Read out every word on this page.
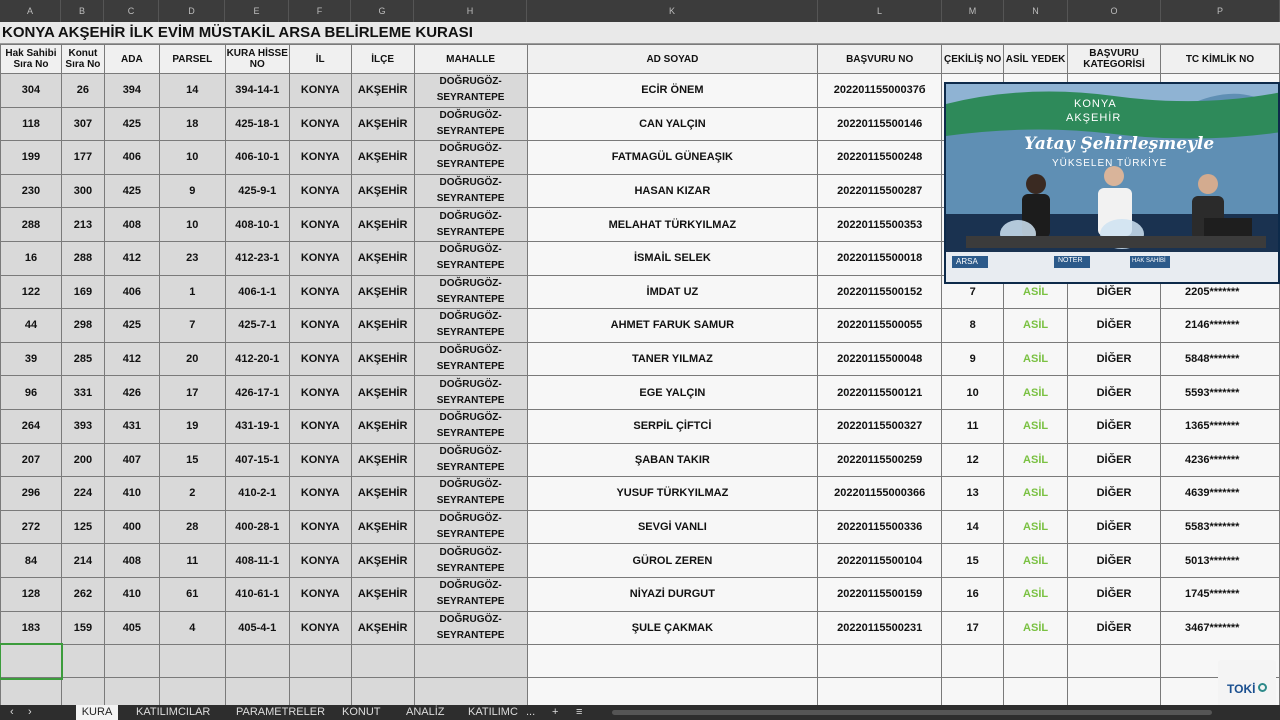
A	B	C	D	E	F	G	H	K	L	M	N	O	P
KONYA AKŞEHİR İLK EVİM MÜSTAKİL ARSA BELİRLEME KURASI
Hak Sahibi Sıra No	Konut Sıra No	ADA	PARSEL	KURA HİSSE NO	İL	İLÇE	MAHALLE	AD SOYAD	BAŞVURU NO	ÇEKİLİŞ NO	ASİL YEDEK	BAŞVURU KATEGORİSİ	TC KİMLİK NO
304	26	394	14	394-14-1	KONYA	AKŞEHİR	DOĞRUGÖZ-
SEYRANTEPE	ECİR ÖNEM	20220115500037б				
118	307	425	18	425-18-1	KONYA	AKŞEHİR	DOĞRUGÖZ-
SEYRANTEPE	CAN YALÇIN	20220115500146				
199	177	406	10	406-10-1	KONYA	AKŞEHİR	DOĞRUGÖZ-
SEYRANTEPE	FATMAGÜL GÜNEAŞIK	20220115500248				
230	300	425	9	425-9-1	KONYA	AKŞEHİR	DOĞRUGÖZ-
SEYRANTEPE	HASAN KIZAR	20220115500287				
288	213	408	10	408-10-1	KONYA	AKŞEHİR	DOĞRUGÖZ-
SEYRANTEPE	MELAHAT TÜRKYILMAZ	20220115500353				
16	288	412	23	412-23-1	KONYA	AKŞEHİR	DOĞRUGÖZ-
SEYRANTEPE	İSMAİL SELEK	20220115500018				
122	169	406	1	406-1-1	KONYA	AKŞEHİR	DOĞRUGÖZ-
SEYRANTEPE	İMDAT UZ	20220115500152	7	ASİL	DİĞER	2205*******
44	298	425	7	425-7-1	KONYA	AKŞEHİR	DOĞRUGÖZ-
SEYRANTEPE	AHMET FARUK SAMUR	20220115500055	8	ASİL	DİĞER	2146*******
39	285	412	20	412-20-1	KONYA	AKŞEHİR	DOĞRUGÖZ-
SEYRANTEPE	TANER YILMAZ	20220115500048	9	ASİL	DİĞER	5848*******
96	331	426	17	426-17-1	KONYA	AKŞEHİR	DOĞRUGÖZ-
SEYRANTEPE	EGE YALÇIN	20220115500121	10	ASİL	DİĞER	5593*******
264	393	431	19	431-19-1	KONYA	AKŞEHİR	DOĞRUGÖZ-
SEYRANTEPE	SERPİL ÇİFTCİ	20220115500327	11	ASİL	DİĞER	1365*******
207	200	407	15	407-15-1	KONYA	AKŞEHİR	DOĞRUGÖZ-
SEYRANTEPE	ŞABAN TAKIR	20220115500259	12	ASİL	DİĞER	4236*******
296	224	410	2	410-2-1	KONYA	AKŞEHİR	DOĞRUGÖZ-
SEYRANTEPE	YUSUF TÜRKYILMAZ	202201155000366	13	ASİL	DİĞER	4639*******
272	125	400	28	400-28-1	KONYA	AKŞEHİR	DOĞRUGÖZ-
SEYRANTEPE	SEVGİ VANLI	20220115500336	14	ASİL	DİĞER	5583*******
84	214	408	11	408-11-1	KONYA	AKŞEHİR	DOĞRUGÖZ-
SEYRANTEPE	GÜROL ZEREN	20220115500104	15	ASİL	DİĞER	5013*******
128	262	410	61	410-61-1	KONYA	AKŞEHİR	DOĞRUGÖZ-
SEYRANTEPE	NİYAZİ DURGUT	20220115500159	16	ASİL	DİĞER	1745*******
183	159	405	4	405-4-1	KONYA	AKŞEHİR	DOĞRUGÖZ-
SEYRANTEPE	ŞULE ÇAKMAK	20220115500231	17	ASİL	DİĞER	3467*******

KONYA
AKŞEHİR
Yatay Şehirleşmeyle
YÜKSELEN TÜRKİYE
ARSA	NOTER	HAK SAHİBİ
TOKİ
‹ ›	KURA	KATILIMCILAR PARAMETRELER KONUT ANALİZ KATILIMC ... + ≡
